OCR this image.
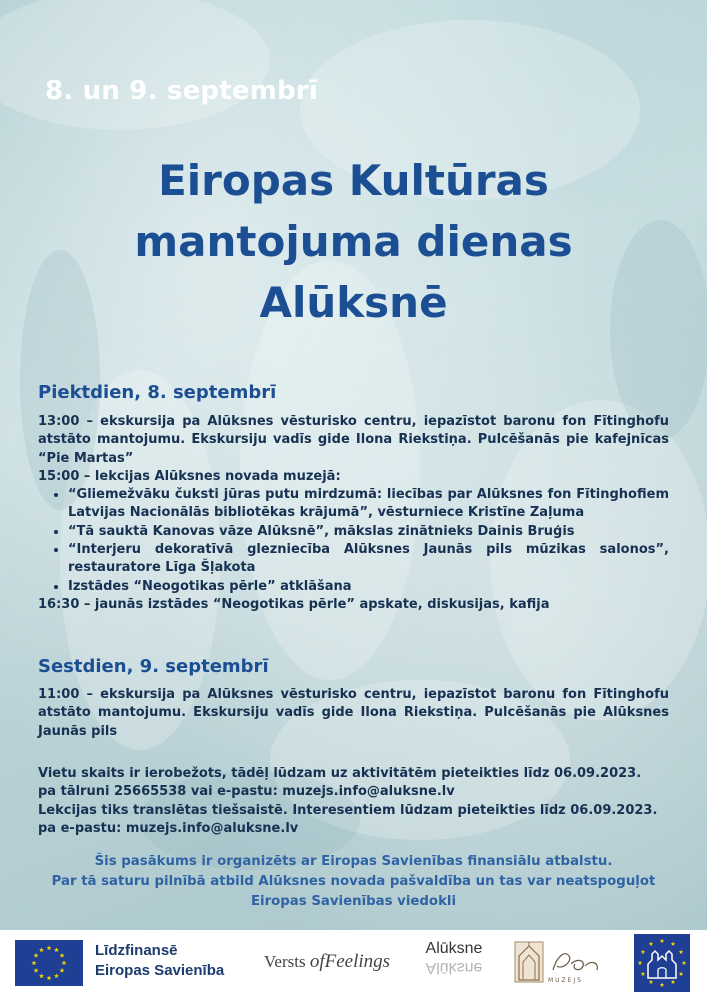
8. un 9. septembrī
Eiropas Kultūras
mantojuma dienas
Alūksnē
Piektdien, 8. septembrī

13:00 – ekskursija pa Alūksnes vēsturisko centru, iepazīstot baronu fon Fītinghofu atstāto mantojumu. Ekskursiju vadīs gide Ilona Riekstiņa. Pulcēšanās pie kafejnīcas “Pie Martas”

15:00 – lekcijas Alūksnes novada muzejā:

• “Gliemežvāku čuksti jūras putu mirdzumā: liecības par Alūksnes fon Fītinghofiem Latvijas Nacionālās bibliotēkas krājumā”, vēsturniece Kristīne Zaļuma
• “Tā sauktā Kanovas vāze Alūksnē”, mākslas zinātnieks Dainis Bruģis
• “Interjeru dekoratīvā glezniecība Alūksnes Jaunās pils mūzikas salonos”, restauratore Līga Šļakota
• Izstādes “Neogotikas pērle” atklāšana

16:30 – jaunās izstādes “Neogotikas pērle” apskate, diskusijas, kafija

Sestdien, 9. septembrī

11:00 – ekskursija pa Alūksnes vēsturisko centru, iepazīstot baronu fon Fītinghofu atstāto mantojumu. Ekskursiju vadīs gide Ilona Riekstiņa. Pulcēšanās pie Alūksnes Jaunās pils

Vietu skaits ir ierobežots, tādēļ lūdzam uz aktivitātēm pieteikties līdz 06.09.2023.

pa tālruni 25665538 vai e-pastu: muzejs.info@aluksne.lv

Lekcijas tiks translētas tiešsaistē. Interesentiem lūdzam pieteikties līdz 06.09.2023.

pa e-pastu: muzejs.info@aluksne.lv

Šis pasākums ir organizēts ar Eiropas Savienības finansiālu atbalstu.

Par tā saturu pilnībā atbild Alūksnes novada pašvaldība un tas var neatspoguļot

Eiropas Savienības viedokli

Līdzfinansē
Eiropas Savienība Versts ofFeelings
Alūksne
Alūksne
MUZEJS
